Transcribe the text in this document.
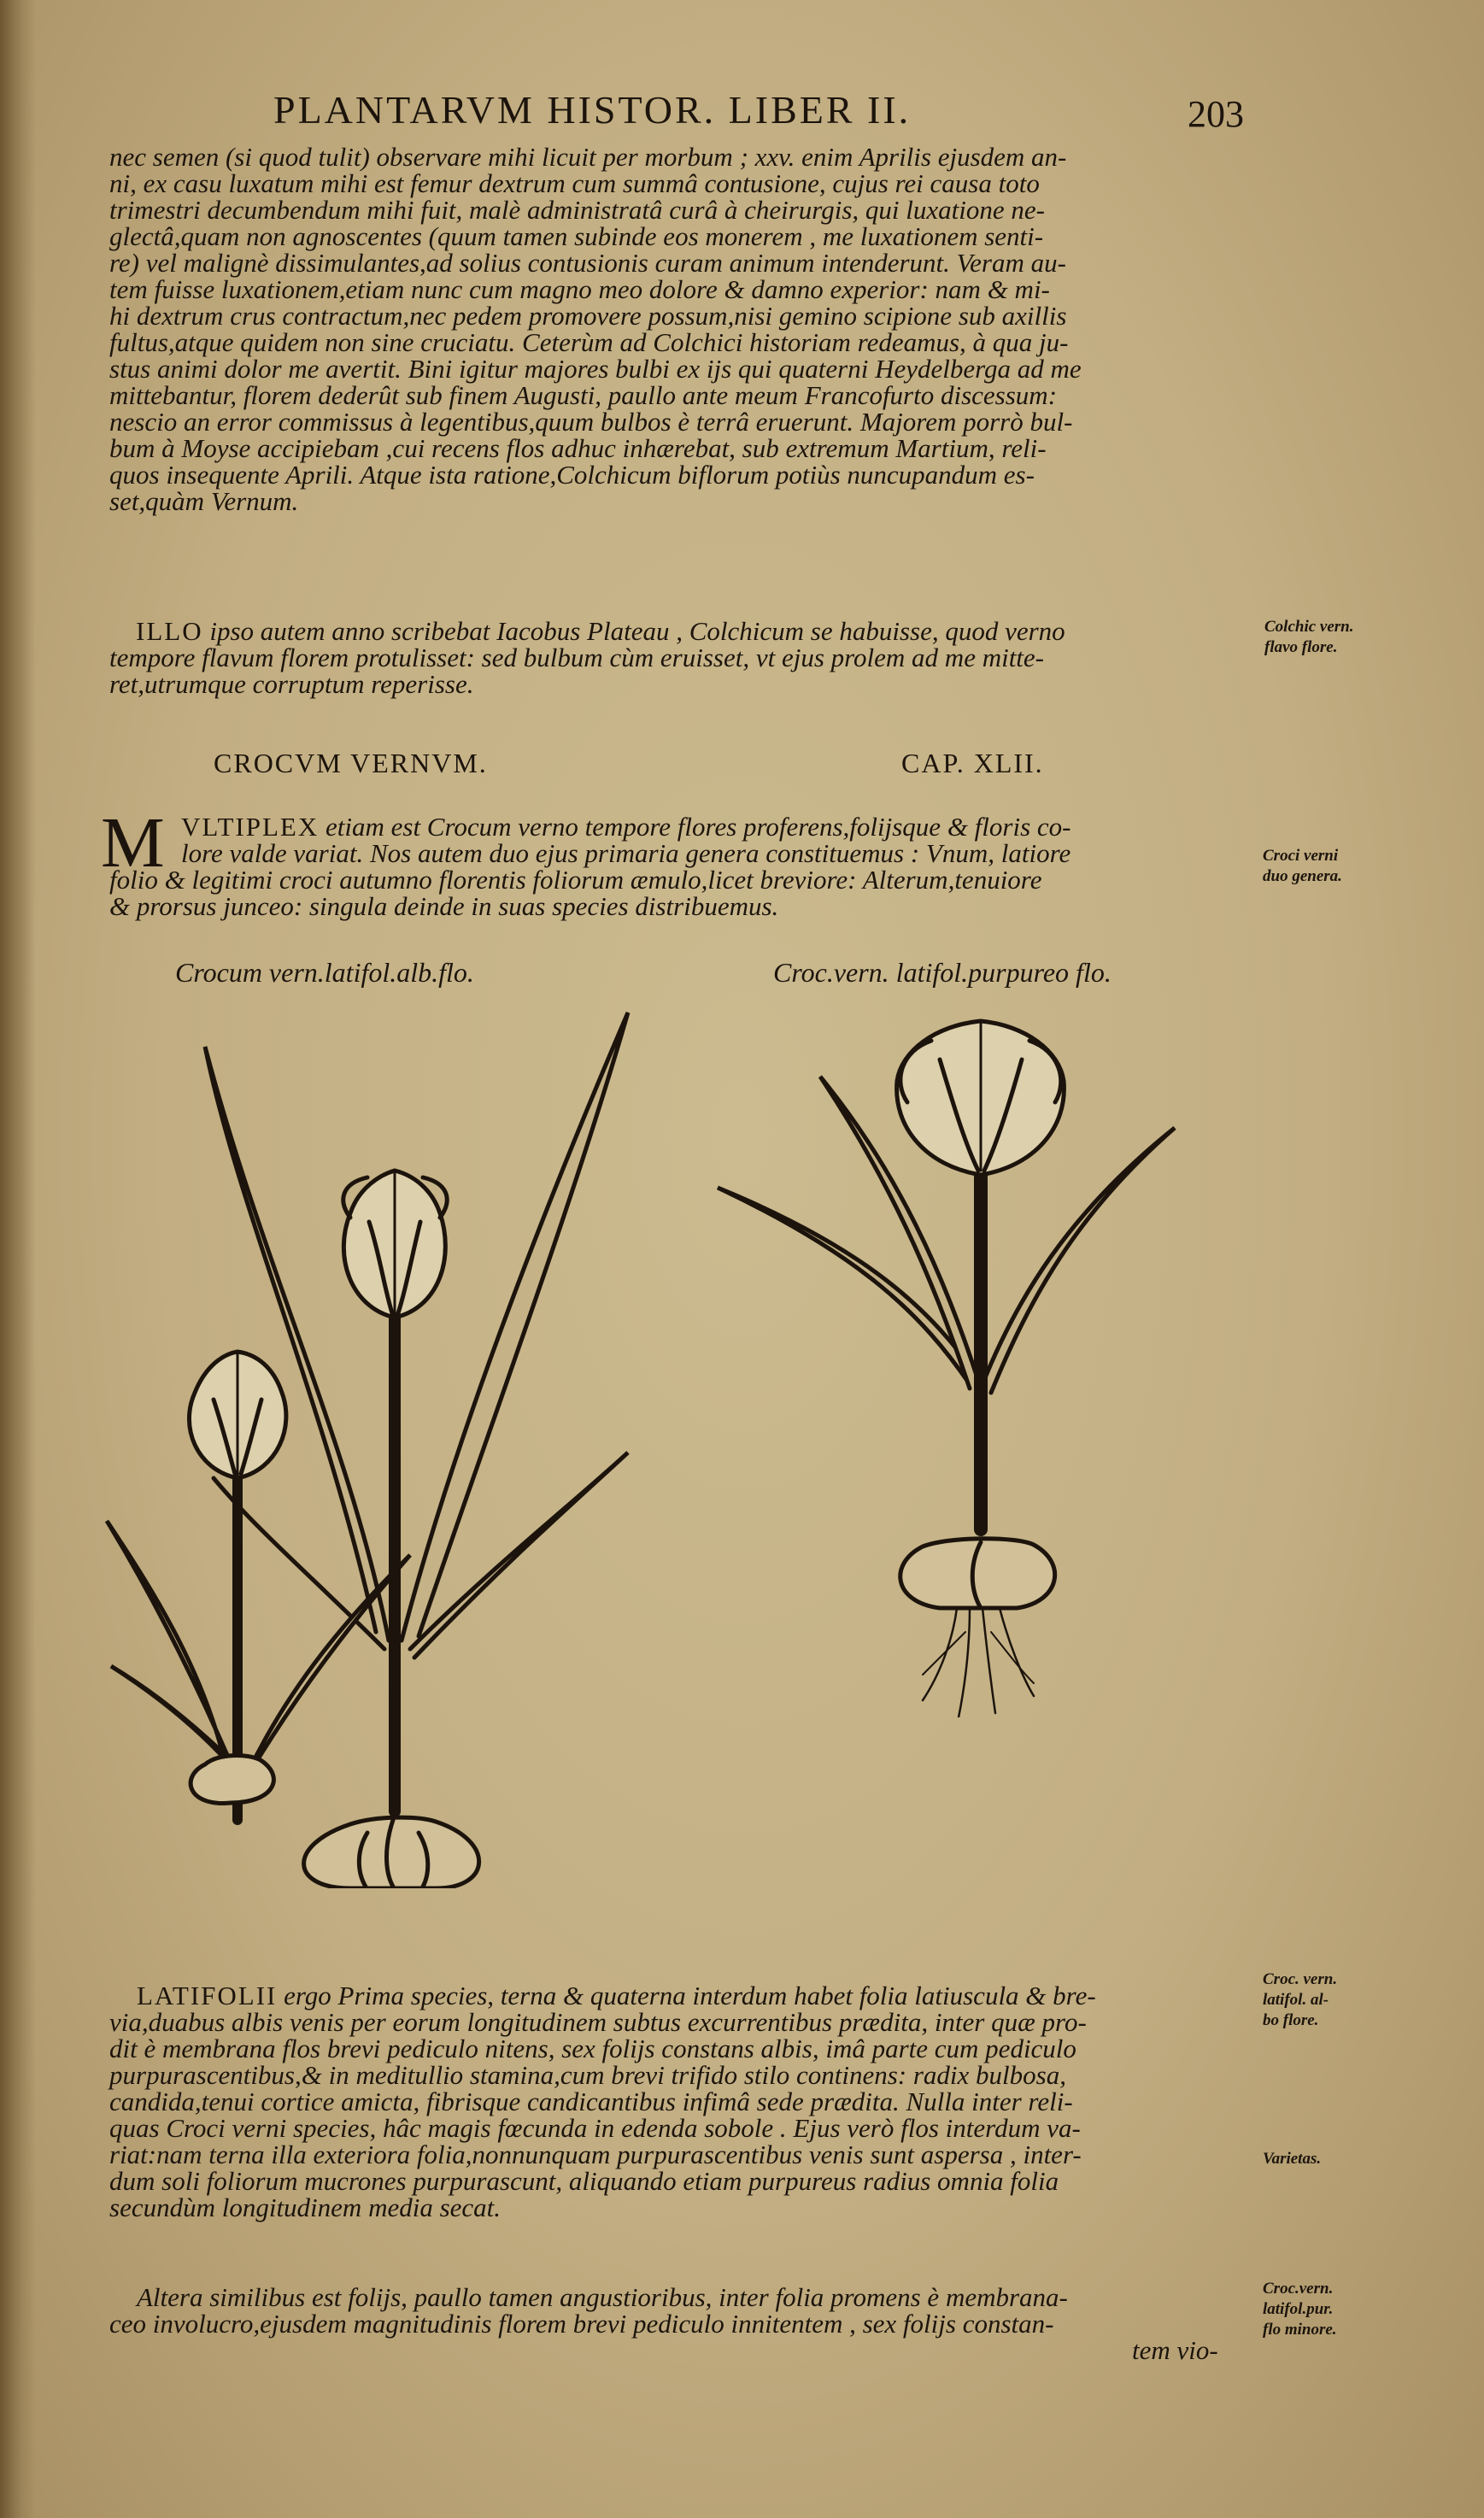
PLANTARVM HISTOR. LIBER II.	203
nec semen (si quod tulit) observare mihi licuit per morbum ; xxv. enim Aprilis ejusdem an-
ni, ex casu luxatum mihi est femur dextrum cum summâ contusione, cujus rei causa toto
trimestri decumbendum mihi fuit, malè administratâ curâ à cheirurgis, qui luxatione ne-
glectâ,quam non agnoscentes (quum tamen subinde eos monerem , me luxationem senti-
re) vel malignè dissimulantes,ad solius contusionis curam animum intenderunt. Veram au-
tem fuisse luxationem,etiam nunc cum magno meo dolore & damno experior: nam & mi-
hi dextrum crus contractum,nec pedem promovere possum,nisi gemino scipione sub axillis
fultus,atque quidem non sine cruciatu. Ceterùm ad Colchici historiam redeamus, à qua ju-
stus animi dolor me avertit. Bini igitur majores bulbi ex ijs qui quaterni Heydelberga ad me
mittebantur, florem dederût sub finem Augusti, paullo ante meum Francofurto discessum:
nescio an error commissus à legentibus,quum bulbos è terrâ eruerunt. Majorem porrò bul-
bum à Moyse accipiebam ,cui recens flos adhuc inhærebat, sub extremum Martium, reli-
quos insequente Aprili. Atque ista ratione,Colchicum biflorum potiùs nuncupandum es-
set,quàm Vernum.
 ILLO ipso autem anno scribebat Iacobus Plateau , Colchicum se habuisse, quod verno
tempore flavum florem protulisset: sed bulbum cùm eruisset, vt ejus prolem ad me mitte-
ret,utrumque corruptum reperisse.
Colchic vern.
flavo flore.
CROCVM VERNVM.	CAP. XLII.
M VLTIPLEX etiam est Crocum verno tempore flores proferens,folijsque & floris co-
lore valde variat. Nos autem duo ejus primaria genera constituemus : Vnum, latiore
folio & legitimi croci autumno florentis foliorum æmulo,licet breviore: Alterum,tenuiore
& prorsus junceo: singula deinde in suas species distribuemus.
Croci verni
duo genera.
Crocum vern.latifol.alb.flo.	Croc.vern. latifol.purpureo flo.
LATIFOLII ergo Prima species, terna & quaterna interdum habet folia latiuscula & bre-
via,duabus albis venis per eorum longitudinem subtus excurrentibus prædita, inter quæ pro-
dit è membrana flos brevi pediculo nitens, sex folijs constans albis, imâ parte cum pediculo
purpurascentibus,& in meditullio stamina,cum brevi trifido stilo continens: radix bulbosa,
candida,tenui cortice amicta, fibrisque candicantibus infimâ sede prædita. Nulla inter reli-
quas Croci verni species, hâc magis fœcunda in edenda sobole . Ejus verò flos interdum va-
riat:nam terna illa exteriora folia,nonnunquam purpurascentibus venis sunt aspersa , inter-
dum soli foliorum mucrones purpurascunt, aliquando etiam purpureus radius omnia folia
secundùm longitudinem media secat.
Croc. vern.
latifol. al-
bo flore.
Varietas.
Altera similibus est folijs, paullo tamen angustioribus, inter folia promens è membrana-
ceo involucro,ejusdem magnitudinis florem brevi pediculo innitentem , sex folijs constan-
tem vio-
Croc.vern.
latifol.pur.
flo minore.
